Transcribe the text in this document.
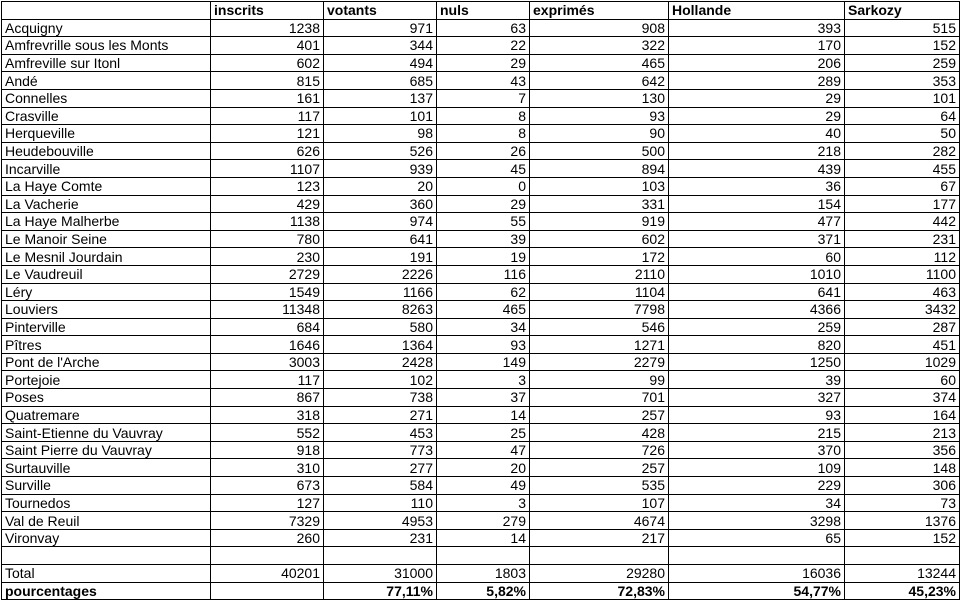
	inscrits	votants	nuls	exprimés	Hollande	Sarkozy
Acquigny	1238	971	63	908	393	515
Amfrevrille sous les Monts	401	344	22	322	170	152
Amfreville sur Itonl	602	494	29	465	206	259
Andé	815	685	43	642	289	353
Connelles	161	137	7	130	29	101
Crasville	117	101	8	93	29	64
Herqueville	121	98	8	90	40	50
Heudebouville	626	526	26	500	218	282
Incarville	1107	939	45	894	439	455
La Haye Comte	123	20	0	103	36	67
La Vacherie	429	360	29	331	154	177
La Haye Malherbe	1138	974	55	919	477	442
Le Manoir Seine	780	641	39	602	371	231
Le Mesnil Jourdain	230	191	19	172	60	112
Le Vaudreuil	2729	2226	116	2110	1010	1100
Léry	1549	1166	62	1104	641	463
Louviers	11348	8263	465	7798	4366	3432
Pinterville	684	580	34	546	259	287
Pîtres	1646	1364	93	1271	820	451
Pont de l'Arche	3003	2428	149	2279	1250	1029
Portejoie	117	102	3	99	39	60
Poses	867	738	37	701	327	374
Quatremare	318	271	14	257	93	164
Saint-Etienne du Vauvray	552	453	25	428	215	213
Saint Pierre du Vauvray	918	773	47	726	370	356
Surtauville	310	277	20	257	109	148
Surville	673	584	49	535	229	306
Tournedos	127	110	3	107	34	73
Val de Reuil	7329	4953	279	4674	3298	1376
Vironvay	260	231	14	217	65	152

Total	40201	31000	1803	29280	16036	13244
pourcentages		77,11%	5,82%	72,83%	54,77%	45,23%
